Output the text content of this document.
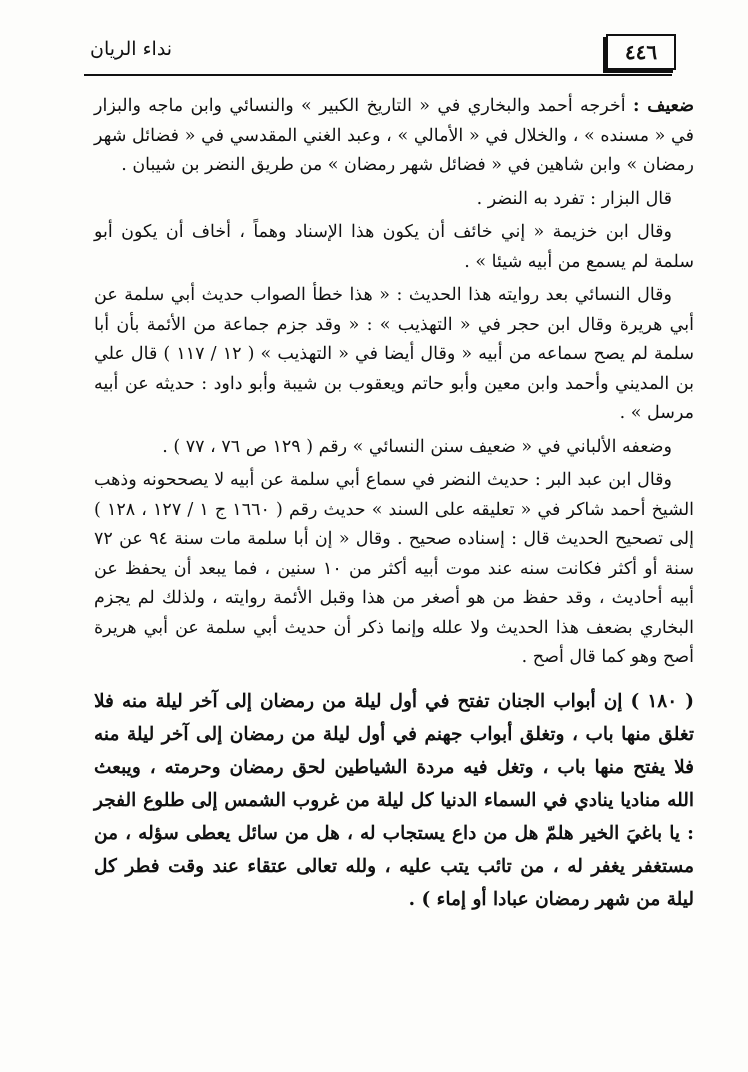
٤٤٦
نداء الريان

ضعيف : أخرجه أحمد والبخاري في « التاريخ الكبير » والنسائي وابن ماجه والبزار في « مسنده » ، والخلال في « الأمالي » ، وعبد الغني المقدسي في « فضائل شهر رمضان » وابن شاهين في « فضائل شهر رمضان » من طريق النضر بن شيبان .

قال البزار : تفرد به النضر .

وقال ابن خزيمة « إني خائف أن يكون هذا الإسناد وهماً ، أخاف أن يكون أبو سلمة لم يسمع من أبيه شيئا » .

وقال النسائي بعد روايته هذا الحديث : « هذا خطأ الصواب حديث أبي سلمة عن أبي هريرة وقال ابن حجر في « التهذيب » : « وقد جزم جماعة من الأئمة بأن أبا سلمة لم يصح سماعه من أبيه « وقال أيضا في « التهذيب » ( ١٢ / ١١٧ ) قال علي بن المديني وأحمد وابن معين وأبو حاتم ويعقوب بن شيبة وأبو داود : حديثه عن أبيه مرسل » .

وضعفه الألباني في « ضعيف سنن النسائي » رقم ( ١٢٩ ص ٧٦ ، ٧٧ ) .

وقال ابن عبد البر : حديث النضر في سماع أبي سلمة عن أبيه لا يصححونه وذهب الشيخ أحمد شاكر في « تعليقه على السند » حديث رقم ( ١٦٦٠ ج ١ / ١٢٧ ، ١٢٨ ) إلى تصحيح الحديث قال : إسناده صحيح . وقال « إن أبا سلمة مات سنة ٩٤ عن ٧٢ سنة أو أكثر فكانت سنه عند موت أبيه أكثر من ١٠ سنين ، فما يبعد أن يحفظ عن أبيه أحاديث ، وقد حفظ من هو أصغر من هذا وقبل الأئمة روايته ، ولذلك لم يجزم البخاري بضعف هذا الحديث ولا علله وإنما ذكر أن حديث أبي سلمة عن أبي هريرة أصح وهو كما قال أصح .

( ١٨٠ ) إن أبواب الجنان تفتح في أول ليلة من رمضان إلى آخر ليلة منه فلا تغلق منها باب ، وتغلق أبواب جهنم في أول ليلة من رمضان إلى آخر ليلة منه فلا يفتح منها باب ، وتغل فيه مردة الشياطين لحق رمضان وحرمته ، ويبعث الله مناديا ينادي في السماء الدنيا كل ليلة من غروب الشمس إلى طلوع الفجر : يا باغيَ الخير هلمّ هل من داع يستجاب له ، هل من سائل يعطى سؤله ، من مستغفر يغفر له ، من تائب يتب عليه ، ولله تعالى عتقاء عند وقت فطر كل ليلة من شهر رمضان عبادا أو إماء ) .
